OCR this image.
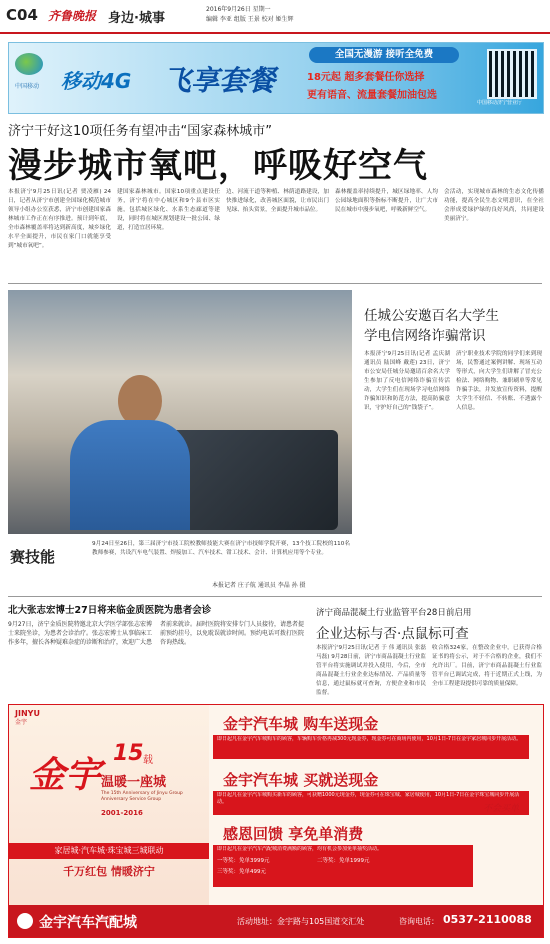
C04 齐鲁晚报 身边·城事
2016年9月26日 星期一
编辑 李亚 组版 王景 校对 姬生辉
中国移动 移动4G 飞享套餐
全国无漫游 接听全免费
18元起 超多套餐任你选择
更有语音、流量套餐加油包选
中国移动济宁营业厅
济宁干好这10项任务有望冲击“国家森林城市”
漫步城市氧吧，呼吸好空气
本报济宁9月25日讯(记者 贾凌雁) 24日，记者从济宁市创建全国绿化模范城市领导小组办公室获悉，济宁市创建国家森林城市工作正在有序推进。预计到年底，全市森林覆盖率将达到新高度，城乡绿化水平全面提升，市民在家门口就能享受到“城市氧吧”。
建国家森林城市。国家10项重点建设任务，济宁将在中心城区和9个县市区实施，包括城区绿化、水系生态廊道等建设，同时将在城区规划建设一批公园、绿道，打造宜居环境。
边、河流干道等种植、林荫道路建设，加快推进绿化，改善城区面貌，让市民出门见绿、抬头赏景，全面提升城市品位。
森林覆盖率持续提升，城区绿地率、人均公园绿地面积等指标不断提升，让广大市民在城市中漫步氧吧，呼吸新鲜空气。
会活动，实现城市森林的生态文化传播功能，提高全民生态文明意识，在全社会形成爱绿护绿的良好风尚，共同建设美丽济宁。
赛技能
9月24日至26日，第三届济宁市技工院校教师技能大赛在济宁市技师学院开赛，13个技工院校的110名教师参赛，共设汽车电气装置、焊接加工、汽车技术、钳工技术、会计、计算机应用等个专业。
本报记者 庄子航 通讯员 李晶 孙 摄
任城公安邀百名大学生
学电信网络诈骗常识
本报济宁9月25日讯(记者 孟庆湖 通讯员 陆国峰 戴莲) 23日，济宁市公安局任城分局邀请百余名大学生参加了反电信网络诈骗宣传活动，大学生们在现场学习电信网络诈骗知识和防范方法，提高防骗意识，守护好自己的“钱袋子”。
济宁职业技术学院的同学们来到现场，民警通过案例讲解、现场互动等形式，向大学生们讲解了冒充公检法、网络购物、兼职刷单等常见诈骗手法，并发放宣传资料，提醒大学生不轻信、不转账、不透露个人信息。
北大张志宏博士27日将来临金质医院为患者会诊
9月27日，济宁金质医院特邀北京大学医学部张志宏博士来院坐诊，为患者会诊治疗。张志宏博士从事临床工作多年，擅长各种疑难杂症的诊断和治疗，欢迎广大患者前来就诊。届时医院将安排专门人员接待，请患者提前预约挂号，以免耽误就诊时间。预约电话可拨打医院咨询热线。
济宁商品混凝土行业监管平台28日前启用
企业达标与否·点鼠标可查
本报济宁9月25日讯(记者 于 伟 通讯员 张磊 马磊) 9月28日前，济宁市商品混凝土行业监管平台将实施调试并投入使用，今后，全市商品混凝土行业企业达标情况、产品质量等信息，通过鼠标就可查询，方便企业和市民监督。
收合格324家，在整改企业中，已获得合格证书的将公示，对于不合格的企业，我们不允许出厂。目前，济宁市商品混凝土行业监管平台已调试完成，将于近期正式上线，为全市工程建设提供可靠的质量保障。
JINYU
金宇
金宇
15 载
温暖一座城
The 15th Anniversary of Jinyu Group Anniversary Service Group
2001-2016
家居城·汽车城·珠宝城三城联动
千万红包 情暖济宁
金宇汽车城 购车送现金
即日起凡在金宇汽车城购车的顾客，车辆购车价格再减300元现金券，现金券可在商场内使用，10月1日-7日在金宇家居城同步开展活动。
金宇汽车城 买就送现金
即日起凡在金宇汽车城购买新车的顾客，可获赠1000元现金券，现金券可在珠宝城、家居城使用，10月1日-7日在金宇珠宝城同步开展活动。
感恩回馈 享免单消费
即日起凡在金宇汽车汽配城消费满额的顾客，均有机会参加免单抽奖活动。
一等奖：免单3999元	二等奖：免单1999元
三等奖：免单499元
不会买单
金宇汽车汽配城	活动地址：金宇路与105国道交汇处	咨询电话： 0537-2110088
